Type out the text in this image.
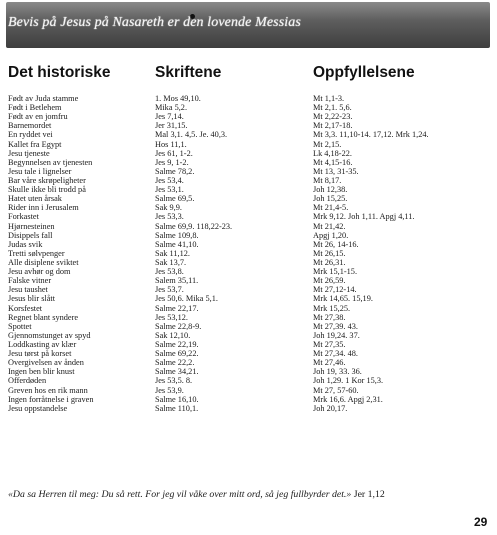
Bevis på Jesus på Nasareth er den lovende Messias
Det historiske	Skriftene	Oppfyllelsene
Født av Juda stamme
Født i Betlehem
Født av en jomfru
Barnemordet
En ryddet vei
Kallet fra Egypt
Jesu tjeneste
Begynnelsen av tjenesten
Jesu tale i lignelser
Bar våre skrøpeligheter
Skulle ikke bli trodd på
Hatet uten årsak
Rider inn i Jerusalem
Forkastet
Hjørnesteinen
Disippels fall
Judas svik
Tretti sølvpenger
Alle disiplene sviktet
Jesu avhør og dom
Falske vitner
Jesu taushet
Jesus blir slått
Korsfestet
Regnet blant syndere
Spottet
Gjennomstunget av spyd
Loddkasting av klær
Jesu tørst på korset
Overgivelsen av ånden
Ingen ben blir knust
Offerdøden
Greven hos en rik mann
Ingen forråtnelse i graven
Jesu oppstandelse
1. Mos 49,10.
Mika 5,2.
Jes 7,14.
Jer 31,15.
Mal 3,1. 4,5. Je. 40,3.
Hos 11,1.
Jes 61, 1-2.
Jes 9, 1-2.
Salme 78,2.
Jes 53,4.
Jes 53,1.
Salme 69,5.
Sak 9,9.
Jes 53,3.
Salme 69,9. 118,22-23.
Salme 109,8.
Salme 41,10.
Sak 11,12.
Sak 13,7.
Jes 53,8.
Salem 35,11.
Jes 53,7.
Jes 50,6. Mika 5,1.
Salme 22,17.
Jes 53,12.
Salme 22,8-9.
Sak 12,10.
Salme 22,19.
Salme 69,22.
Salme 22,2.
Salme 34,21.
Jes 53,5. 8.
Jes 53,9.
Salme 16,10.
Salme 110,1.
Mt 1,1-3.
Mt 2,1. 5,6.
Mt 2,22-23.
Mt 2,17-18.
Mt 3,3. 11,10-14. 17,12. Mrk 1,24.
Mt 2,15.
Lk 4,18-22.
Mt 4,15-16.
Mt 13, 31-35.
Mt 8,17.
Joh 12,38.
Joh 15,25.
Mt 21,4-5.
Mrk 9,12. Joh 1,11. Apgj 4,11.
Mt 21,42.
Apgj 1,20.
Mt 26, 14-16.
Mt 26,15.
Mt 26,31.
Mrk 15,1-15.
Mt 26,59.
Mt 27,12-14.
Mrk 14,65. 15,19.
Mrk 15,25.
Mt 27,38.
Mt 27,39. 43.
Joh 19,24. 37.
Mt 27,35.
Mt 27,34. 48.
Mt 27,46.
Joh 19, 33. 36.
Joh 1,29. 1 Kor 15,3.
Mt 27, 57-60.
Mrk 16,6. Apgj 2,31.
Joh 20,17.
«Da sa Herren til meg: Du så rett. For jeg vil våke over mitt ord, så jeg fullbyrder det.» Jer 1,12
29
